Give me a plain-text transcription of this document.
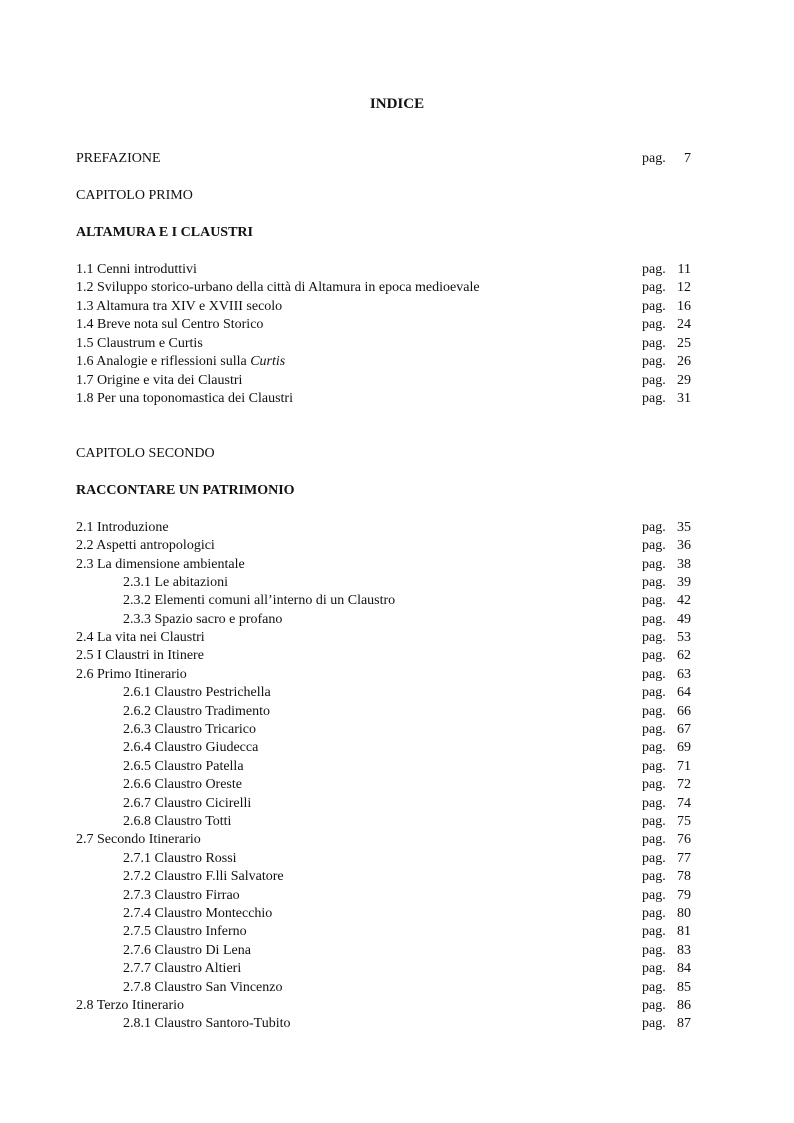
INDICE
PREFAZIONE	pag. 7
CAPITOLO PRIMO
ALTAMURA E I CLAUSTRI
1.1 Cenni introduttivi	pag. 11
1.2 Sviluppo storico-urbano della città di Altamura in epoca medioevale	pag. 12
1.3 Altamura tra XIV e XVIII secolo	pag. 16
1.4 Breve nota sul Centro Storico	pag. 24
1.5 Claustrum e Curtis	pag. 25
1.6 Analogie e riflessioni sulla Curtis	pag. 26
1.7 Origine e vita dei Claustri	pag. 29
1.8 Per una toponomastica dei Claustri	pag. 31
CAPITOLO SECONDO
RACCONTARE UN PATRIMONIO
2.1 Introduzione	pag. 35
2.2 Aspetti antropologici	pag. 36
2.3 La dimensione ambientale	pag. 38
2.3.1 Le abitazioni	pag. 39
2.3.2 Elementi comuni all’interno di un Claustro	pag. 42
2.3.3 Spazio sacro e profano	pag. 49
2.4 La vita nei Claustri	pag. 53
2.5 I Claustri in Itinere	pag. 62
2.6 Primo Itinerario	pag. 63
2.6.1 Claustro Pestrichella	pag. 64
2.6.2 Claustro Tradimento	pag. 66
2.6.3 Claustro Tricarico	pag. 67
2.6.4 Claustro Giudecca	pag. 69
2.6.5 Claustro Patella	pag. 71
2.6.6 Claustro Oreste	pag. 72
2.6.7 Claustro Cicirelli	pag. 74
2.6.8 Claustro Totti	pag. 75
2.7 Secondo Itinerario	pag. 76
2.7.1 Claustro Rossi	pag. 77
2.7.2 Claustro F.lli Salvatore	pag. 78
2.7.3 Claustro Firrao	pag. 79
2.7.4 Claustro Montecchio	pag. 80
2.7.5 Claustro Inferno	pag. 81
2.7.6 Claustro Di Lena	pag. 83
2.7.7 Claustro Altieri	pag. 84
2.7.8 Claustro San Vincenzo	pag. 85
2.8 Terzo Itinerario	pag. 86
2.8.1 Claustro Santoro-Tubito	pag. 87
